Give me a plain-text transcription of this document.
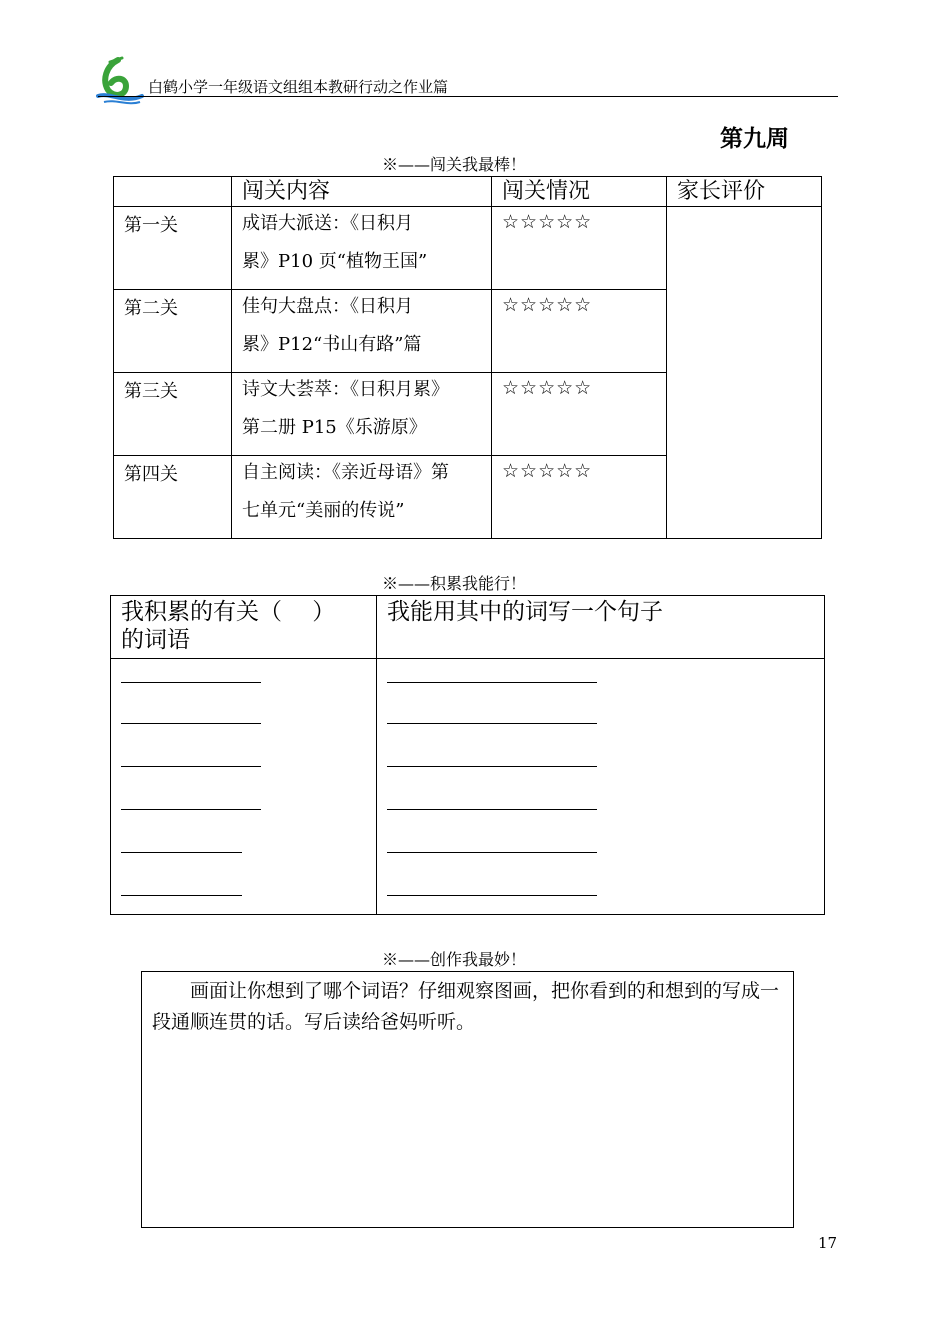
白鹤小学一年级语文组组本教研行动之作业篇
第九周
※——闯关我最棒！
	闯关内容	闯关情况	家长评价

第一关	成语大派送：《日积月
累》P10 页“植物王国”	☆☆☆☆☆	

第二关	佳句大盘点：《日积月
累》P12“书山有路”篇	☆☆☆☆☆	

第三关	诗文大荟萃：《日积月累》
第二册 P15《乐游原》	☆☆☆☆☆	

第四关	自主阅读：《亲近母语》第
七单元“美丽的传说”	☆☆☆☆☆	
※——积累我能行！
我积累的有关（　 ）
的词语	我能用其中的词写一个句子

※——创作我最妙！

画面让你想到了哪个词语？仔细观察图画，把你看到的和想到的写成一段通顺连贯的话。写后读给爸妈听听。

17
